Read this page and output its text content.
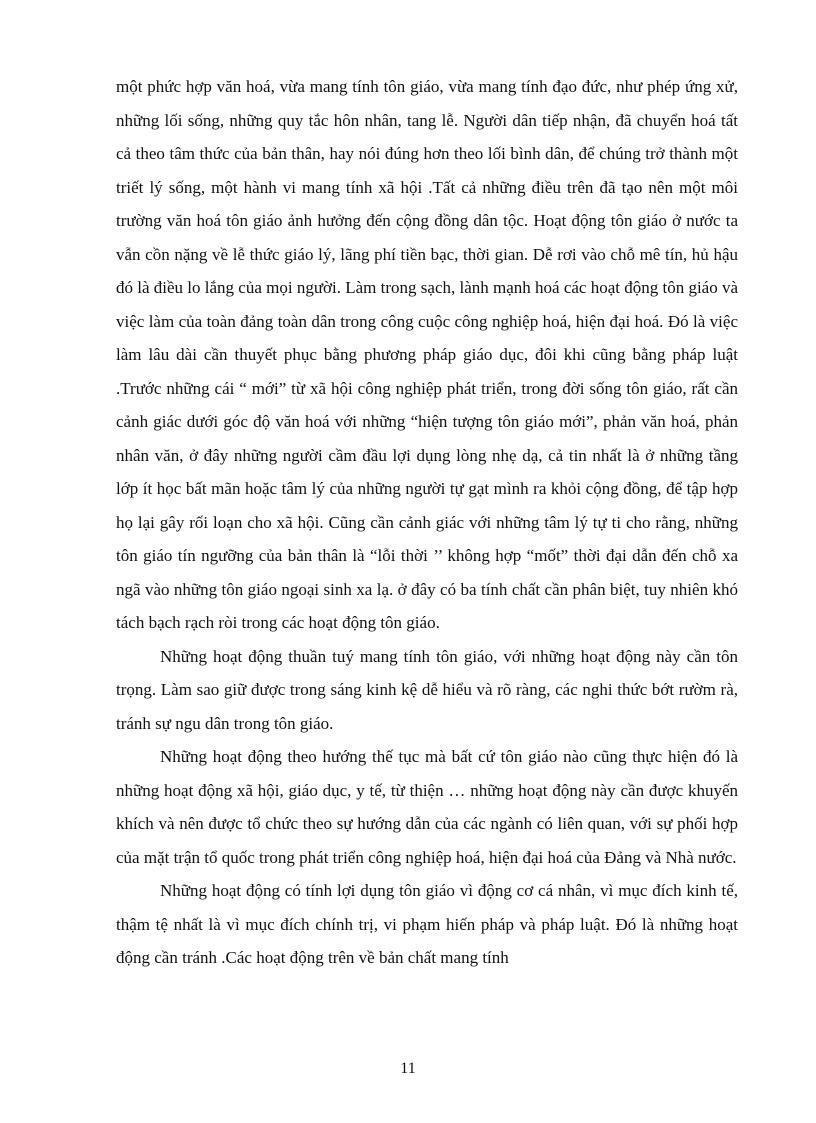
một phức hợp văn hoá, vừa mang tính tôn giáo, vừa mang tính đạo đức, như phép ứng xử, những lối sống, những quy tắc hôn nhân, tang lễ. Người dân tiếp nhận, đã chuyển hoá tất cả theo tâm thức của bản thân, hay nói đúng hơn theo lối bình dân, để chúng trở thành một triết lý sống, một hành vi mang tính xã hội .Tất cả những điều trên đã tạo nên một môi trường văn hoá tôn giáo ảnh hưởng đến cộng đồng dân tộc. Hoạt động tôn giáo ở nước ta vẫn cồn nặng về lễ thức giáo lý, lãng phí tiền bạc, thời gian. Dễ rơi vào chỗ mê tín, hủ hậu đó là điều lo lắng của mọi người. Làm trong sạch, lành mạnh hoá các hoạt động tôn giáo và việc làm của toàn đảng toàn dân trong công cuộc công nghiệp hoá, hiện đại hoá. Đó là việc làm lâu dài cần thuyết phục bằng phương pháp giáo dục, đôi khi cũng bằng pháp luật .Trước những cái “ mới” từ xã hội công nghiệp phát triển, trong đời sống tôn giáo, rất cần cảnh giác dưới góc độ văn hoá với những “hiện tượng tôn giáo mới”, phản văn hoá, phản nhân văn, ở đây những người cầm đầu lợi dụng lòng nhẹ dạ, cả tin nhất là ở những tầng lớp ít học bất mãn hoặc tâm lý của những người tự gạt mình ra khỏi cộng đồng, để tập hợp họ lại gây rối loạn cho xã hội. Cũng cần cảnh giác với những tâm lý tự ti cho rằng, những tôn giáo tín ngưỡng của bản thân là “lỗi thời ’’ không hợp “mốt” thời đại dẫn đến chỗ xa ngã vào những tôn giáo ngoại sinh xa lạ. ở đây có ba tính chất cần phân biệt, tuy nhiên khó tách bạch rạch ròi trong các hoạt động tôn giáo.

Những hoạt động thuần tuý mang tính tôn giáo, với những hoạt động này cần tôn trọng. Làm sao giữ được trong sáng kinh kệ dễ hiểu và rõ ràng, các nghi thức bớt rườm rà, tránh sự ngu dân trong tôn giáo.

Những hoạt động theo hướng thế tục mà bất cứ tôn giáo nào cũng thực hiện đó là những hoạt động xã hội, giáo dục, y tế, từ thiện … những hoạt động này cần được khuyến khích và nên được tổ chức theo sự hướng dẫn của các ngành có liên quan, với sự phối hợp của mặt trận tổ quốc trong phát triển công nghiệp hoá, hiện đại hoá của Đảng và Nhà nước.

Những hoạt động có tính lợi dụng tôn giáo vì động cơ cá nhân, vì mục đích kinh tế, thậm tệ nhất là vì mục đích chính trị, vi phạm hiến pháp và pháp luật. Đó là những hoạt động cần tránh .Các hoạt động trên về bản chất mang tính

11
